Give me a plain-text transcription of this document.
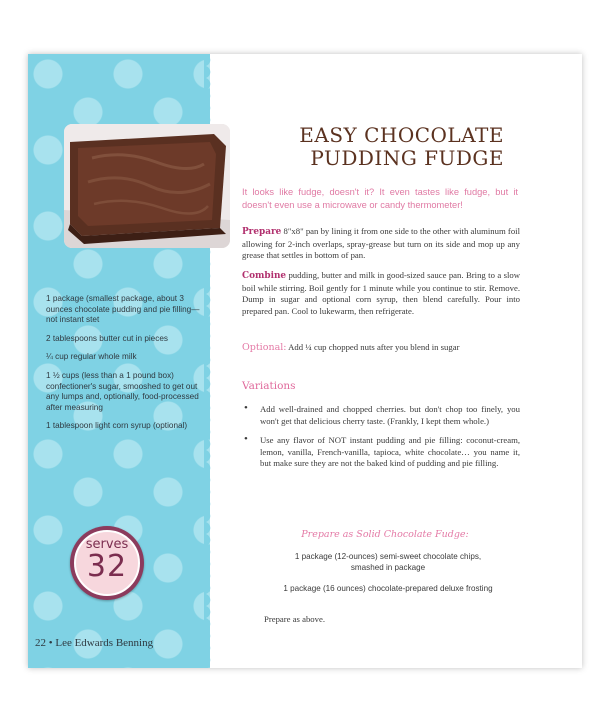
1 package (smallest package, about 3 ounces chocolate pudding and pie filling—not instant stet

2 tablespoons butter cut in pieces

¼ cup regular whole milk

1 ½ cups (less than a 1 pound box) confectioner's sugar, smooshed to get out any lumps and, optionally, food-processed after measuring

1 tablespoon light corn syrup (optional)

serves
32
22 • Lee Edwards Benning
EASY CHOCOLATE
PUDDING FUDGE
It looks like fudge, doesn't it? It even tastes like fudge, but it doesn't even use a microwave or candy thermometer!
Prepare 8"x8" pan by lining it from one side to the other with aluminum foil allowing for 2-inch overlaps, spray-grease but turn on its side and mop up any grease that settles in bottom of pan.
Combine pudding, butter and milk in good-sized sauce pan. Bring to a slow boil while stirring. Boil gently for 1 minute while you continue to stir. Remove. Dump in sugar and optional corn syrup, then blend carefully. Pour into prepared pan. Cool to lukewarm, then refrigerate.
Optional: Add ¼ cup chopped nuts after you blend in sugar
Variations
• Add well-drained and chopped cherries. but don't chop too finely, you won't get that delicious cherry taste. (Frankly, I kept them whole.)
• Use any flavor of NOT instant pudding and pie filling: coconut-cream, lemon, vanilla, French-vanilla, tapioca, white chocolate… you name it, but make sure they are not the baked kind of pudding and pie filling.
Prepare as Solid Chocolate Fudge:
1 package (12-ounces) semi-sweet chocolate chips, smashed in package
1 package (16 ounces) chocolate-prepared deluxe frosting
Prepare as above.
